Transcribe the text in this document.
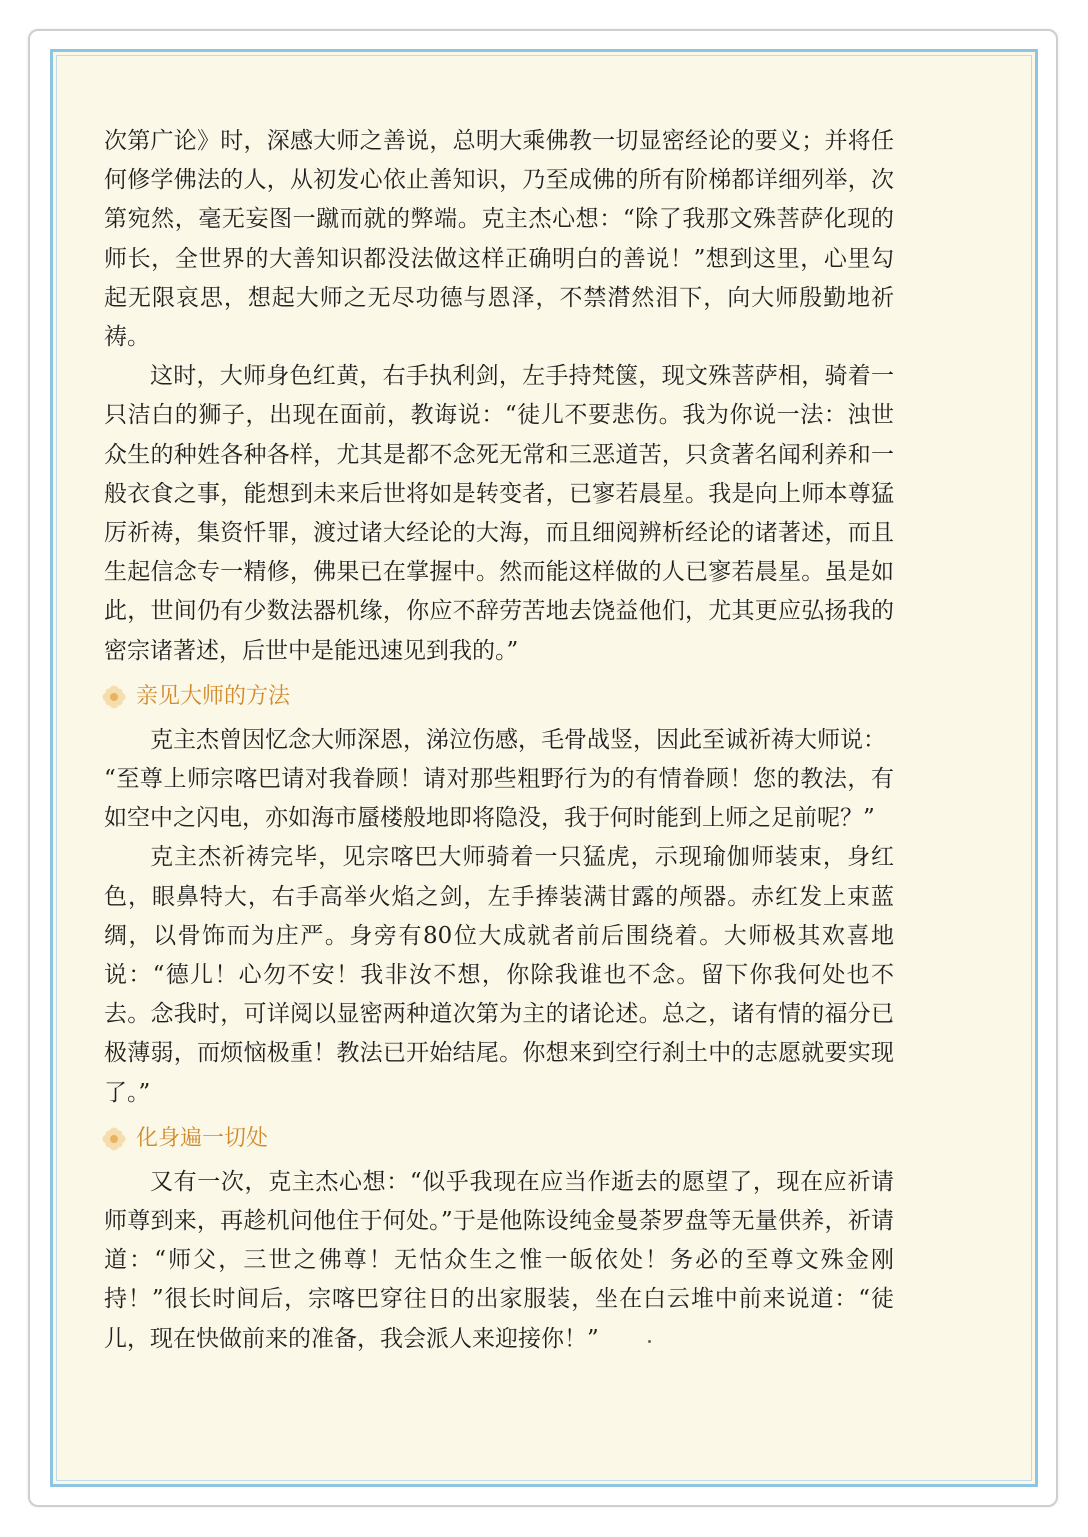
次第广论》时，深感大师之善说，总明大乘佛教一切显密经论的要义；并将任何修学佛法的人，从初发心依止善知识，乃至成佛的所有阶梯都详细列举，次第宛然，毫无妄图一蹴而就的弊端。克主杰心想：“除了我那文殊菩萨化现的师长，全世界的大善知识都没法做这样正确明白的善说！”想到这里，心里勾起无限哀思，想起大师之无尽功德与恩泽，不禁潸然泪下，向大师殷勤地祈祷。

这时，大师身色红黄，右手执利剑，左手持梵箧，现文殊菩萨相，骑着一只洁白的狮子，出现在面前，教诲说：“徒儿不要悲伤。我为你说一法：浊世众生的种姓各种各样，尤其是都不念死无常和三恶道苦，只贪著名闻利养和一般衣食之事，能想到未来后世将如是转变者，已寥若晨星。我是向上师本尊猛厉祈祷，集资忏罪，渡过诸大经论的大海，而且细阅辨析经论的诸著述，而且生起信念专一精修，佛果已在掌握中。然而能这样做的人已寥若晨星。虽是如此，世间仍有少数法器机缘，你应不辞劳苦地去饶益他们，尤其更应弘扬我的密宗诸著述，后世中是能迅速见到我的。”

亲见大师的方法

克主杰曾因忆念大师深恩，涕泣伤感，毛骨战竖，因此至诚祈祷大师说：

“至尊上师宗喀巴请对我眷顾！请对那些粗野行为的有情眷顾！您的教法，有如空中之闪电，亦如海市蜃楼般地即将隐没，我于何时能到上师之足前呢？”

克主杰祈祷完毕，见宗喀巴大师骑着一只猛虎，示现瑜伽师装束，身红色，眼鼻特大，右手高举火焰之剑，左手捧装满甘露的颅器。赤红发上束蓝绸，以骨饰而为庄严。身旁有80位大成就者前后围绕着。大师极其欢喜地说：“德儿！心勿不安！我非汝不想，你除我谁也不念。留下你我何处也不去。念我时，可详阅以显密两种道次第为主的诸论述。总之，诸有情的福分已极薄弱，而烦恼极重！教法已开始结尾。你想来到空行刹土中的志愿就要实现了。”

化身遍一切处

又有一次，克主杰心想：“似乎我现在应当作逝去的愿望了，现在应祈请师尊到来，再趁机问他住于何处。”于是他陈设纯金曼荼罗盘等无量供养，祈请道：“师父，三世之佛尊！无怙众生之惟一皈依处！务必的至尊文殊金刚持！”很长时间后，宗喀巴穿往日的出家服装，坐在白云堆中前来说道：“徒儿，现在快做前来的准备，我会派人来迎接你！”
